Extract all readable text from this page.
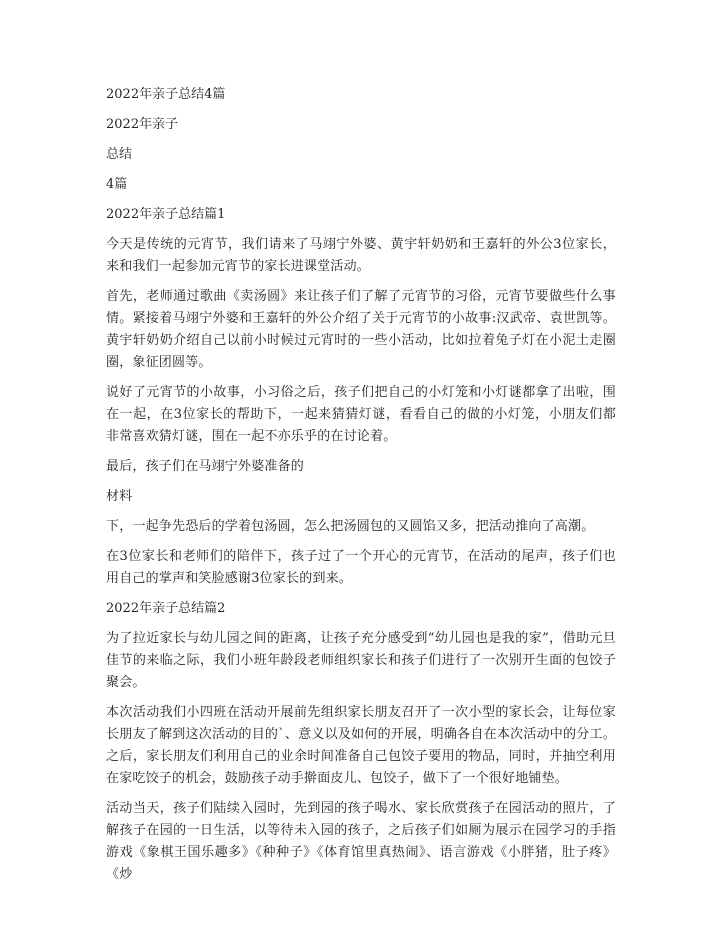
2022年亲子总结4篇
2022年亲子
总结
4篇
2022年亲子总结篇1

今天是传统的元宵节，我们请来了马翊宁外婆、黄宇轩奶奶和王嘉轩的外公3位家长，来和我们一起参加元宵节的家长进课堂活动。

首先，老师通过歌曲《卖汤圆》来让孩子们了解了元宵节的习俗，元宵节要做些什么事情。紧接着马翊宁外婆和王嘉轩的外公介绍了关于元宵节的小故事:汉武帝、袁世凯等。黄宇轩奶奶介绍自己以前小时候过元宵时的一些小活动，比如拉着兔子灯在小泥土走圈圈，象征团圆等。

说好了元宵节的小故事，小习俗之后，孩子们把自己的小灯笼和小灯谜都拿了出啦，围在一起，在3位家长的帮助下，一起来猜猜灯谜，看看自己的做的小灯笼，小朋友们都非常喜欢猜灯谜，围在一起不亦乐乎的在讨论着。

最后，孩子们在马翊宁外婆准备的

材料

下，一起争先恐后的学着包汤圆，怎么把汤圆包的又圆馅又多，把活动推向了高潮。

在3位家长和老师们的陪伴下，孩子过了一个开心的元宵节，在活动的尾声，孩子们也用自己的掌声和笑脸感谢3位家长的到来。

2022年亲子总结篇2

为了拉近家长与幼儿园之间的距离，让孩子充分感受到“幼儿园也是我的家”，借助元旦佳节的来临之际，我们小班年龄段老师组织家长和孩子们进行了一次别开生面的包饺子聚会。

本次活动我们小四班在活动开展前先组织家长朋友召开了一次小型的家长会，让每位家长朋友了解到这次活动的目的`、意义以及如何的开展，明确各自在本次活动中的分工。之后，家长朋友们利用自己的业余时间准备自己包饺子要用的物品，同时，并抽空利用在家吃饺子的机会，鼓励孩子动手擀面皮儿、包饺子，做下了一个很好地铺垫。

活动当天，孩子们陆续入园时，先到园的孩子喝水、家长欣赏孩子在园活动的照片，了解孩子在园的一日生活，以等待未入园的孩子，之后孩子们如厕为展示在园学习的手指游戏《象棋王国乐趣多》《种种子》《体育馆里真热闹》、语言游戏《小胖猪，肚子疼》《炒
